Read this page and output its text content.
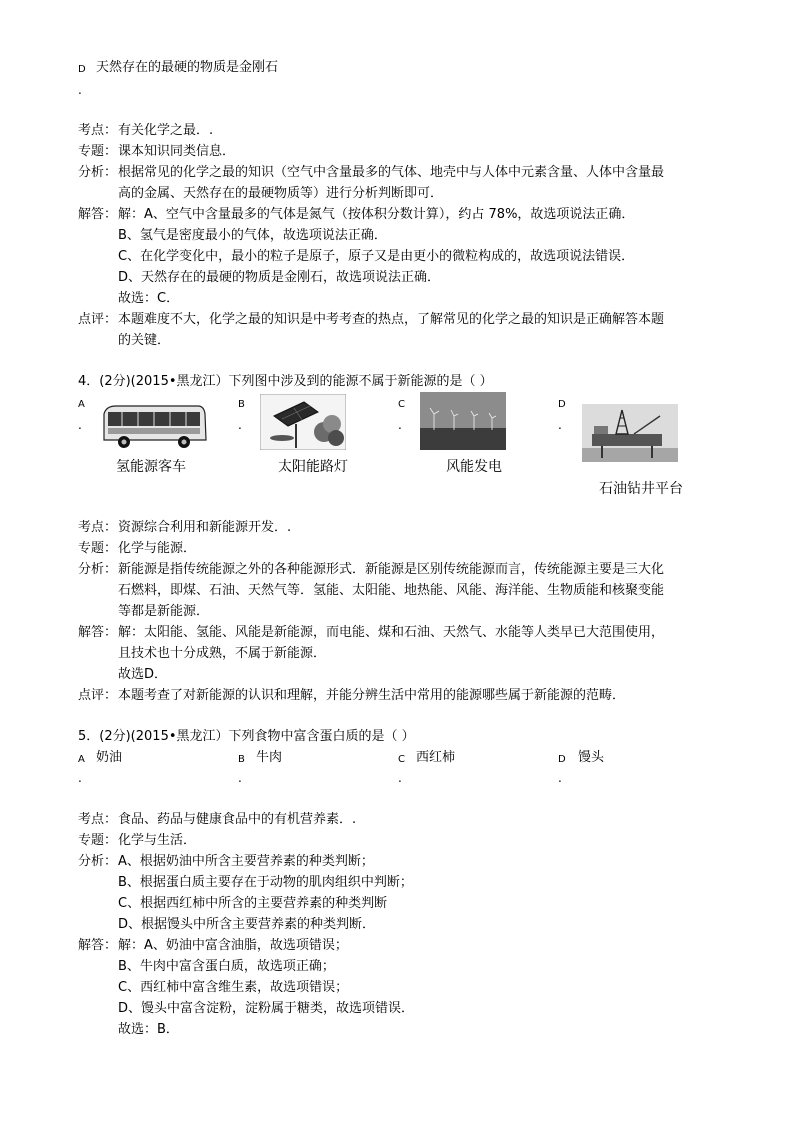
D 天然存在的最硬的物质是金刚石
.
考点： 有关化学之最．.
专题： 课本知识同类信息．
分析： 根据常见的化学之最的知识（空气中含量最多的气体、地壳中与人体中元素含量、人体中含量最
高的金属、天然存在的最硬物质等）进行分析判断即可．
解答： 解：A、空气中含量最多的气体是氮气（按体积分数计算），约占 78%，故选项说法正确．
B、氢气是密度最小的气体，故选项说法正确．
C、在化学变化中，最小的粒子是原子，原子又是由更小的微粒构成的，故选项说法错误．
D、天然存在的最硬的物质是金刚石，故选项说法正确．
故选：C．
点评： 本题难度不大，化学之最的知识是中考考查的热点，了解常见的化学之最的知识是正确解答本题
的关键．
4．(2分)(2015•黑龙江）下列图中涉及到的能源不属于新能源的是（ ）
A
.
氢能源客车
B
.
太阳能路灯
C
.
风能发电
D
.
石油钻井平台
考点： 资源综合利用和新能源开发．.
专题： 化学与能源．
分析： 新能源是指传统能源之外的各种能源形式．新能源是区别传统能源而言，传统能源主要是三大化
石燃料，即煤、石油、天然气等．氢能、太阳能、地热能、风能、海洋能、生物质能和核聚变能
等都是新能源．
解答： 解：太阳能、氢能、风能是新能源，而电能、煤和石油、天然气、水能等人类早已大范围使用，
且技术也十分成熟，不属于新能源．
故选D．
点评： 本题考查了对新能源的认识和理解，并能分辨生活中常用的能源哪些属于新能源的范畴．
5．(2分)(2015•黑龙江）下列食物中富含蛋白质的是（ ）
A 奶油
.
B 牛肉
.
C 西红柿
.
D 馒头
.
考点： 食品、药品与健康食品中的有机营养素．.
专题： 化学与生活．
分析： A、根据奶油中所含主要营养素的种类判断；
B、根据蛋白质主要存在于动物的肌肉组织中判断；
C、根据西红柿中所含的主要营养素的种类判断
D、根据馒头中所含主要营养素的种类判断．
解答： 解：A、奶油中富含油脂，故选项错误；
B、牛肉中富含蛋白质，故选项正确；
C、西红柿中富含维生素，故选项错误；
D、馒头中富含淀粉，淀粉属于糖类，故选项错误．
故选：B．
